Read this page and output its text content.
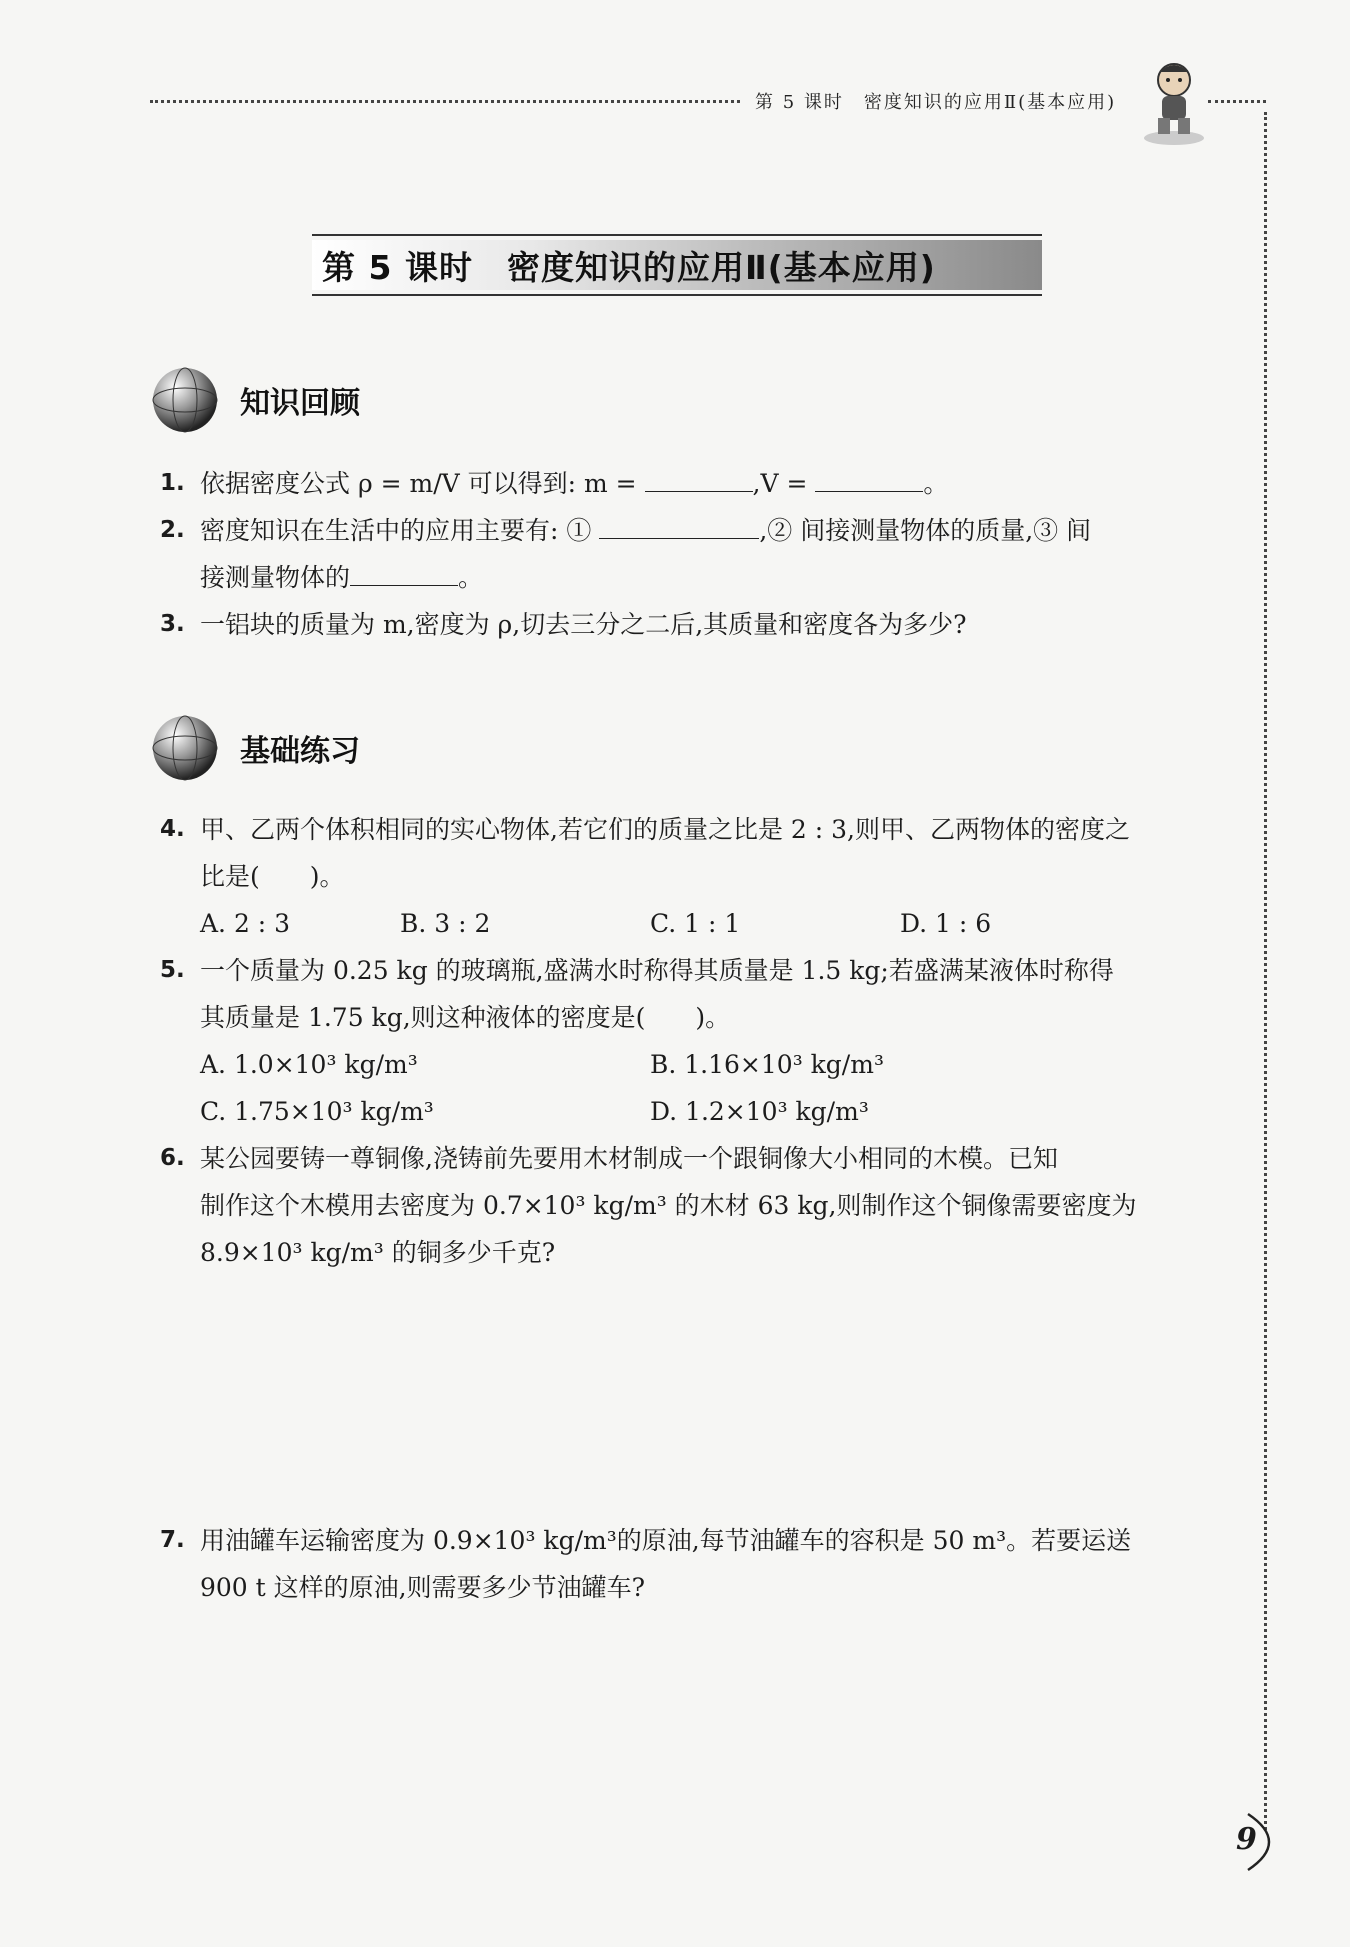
第 5 课时　密度知识的应用Ⅱ(基本应用)
第 5 课时　密度知识的应用Ⅱ(基本应用)
知识回顾
1. 依据密度公式 ρ = m/V 可以得到: m =	,V =	。
2. 密度知识在生活中的应用主要有: ①	,② 间接测量物体的质量,③ 间
接测量物体的	。
3. 一铝块的质量为 m,密度为 ρ,切去三分之二后,其质量和密度各为多少?
基础练习
4. 甲、乙两个体积相同的实心物体,若它们的质量之比是 2 : 3,则甲、乙两物体的密度之
比是(　　)。
A. 2 : 3	B. 3 : 2	C. 1 : 1	D. 1 : 6
5. 一个质量为 0.25 kg 的玻璃瓶,盛满水时称得其质量是 1.5 kg;若盛满某液体时称得
其质量是 1.75 kg,则这种液体的密度是(　　)。
A. 1.0×10³ kg/m³	B. 1.16×10³ kg/m³
C. 1.75×10³ kg/m³	D. 1.2×10³ kg/m³
6. 某公园要铸一尊铜像,浇铸前先要用木材制成一个跟铜像大小相同的木模。已知
制作这个木模用去密度为 0.7×10³ kg/m³ 的木材 63 kg,则制作这个铜像需要密度为
8.9×10³ kg/m³ 的铜多少千克?
7. 用油罐车运输密度为 0.9×10³ kg/m³的原油,每节油罐车的容积是 50 m³。若要运送
900 t 这样的原油,则需要多少节油罐车?
9
